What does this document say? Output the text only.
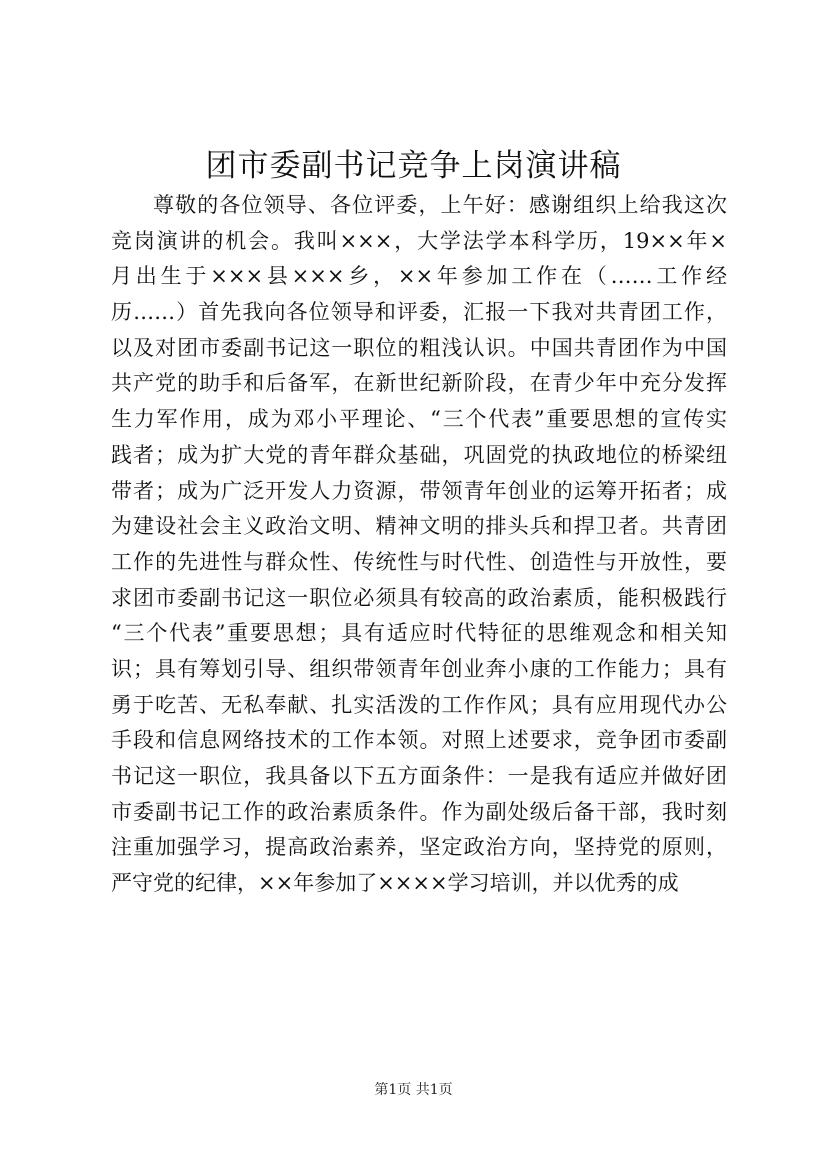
团市委副书记竞争上岗演讲稿
尊敬的各位领导、各位评委，上午好：感谢组织上给我这次
竞岗演讲的机会。我叫×××，大学法学本科学历，19××年×
月出生于×××县×××乡，××年参加工作在（……工作经
历……）首先我向各位领导和评委，汇报一下我对共青团工作，
以及对团市委副书记这一职位的粗浅认识。中国共青团作为中国
共产党的助手和后备军，在新世纪新阶段，在青少年中充分发挥
生力军作用，成为邓小平理论、“三个代表”重要思想的宣传实
践者；成为扩大党的青年群众基础，巩固党的执政地位的桥梁纽
带者；成为广泛开发人力资源，带领青年创业的运筹开拓者；成
为建设社会主义政治文明、精神文明的排头兵和捍卫者。共青团
工作的先进性与群众性、传统性与时代性、创造性与开放性，要
求团市委副书记这一职位必须具有较高的政治素质，能积极践行
“三个代表”重要思想；具有适应时代特征的思维观念和相关知
识；具有筹划引导、组织带领青年创业奔小康的工作能力；具有
勇于吃苦、无私奉献、扎实活泼的工作作风；具有应用现代办公
手段和信息网络技术的工作本领。对照上述要求，竞争团市委副
书记这一职位，我具备以下五方面条件：一是我有适应并做好团
市委副书记工作的政治素质条件。作为副处级后备干部，我时刻
注重加强学习，提高政治素养，坚定政治方向，坚持党的原则，
严守党的纪律，××年参加了××××学习培训，并以优秀的成
第1页 共1页
